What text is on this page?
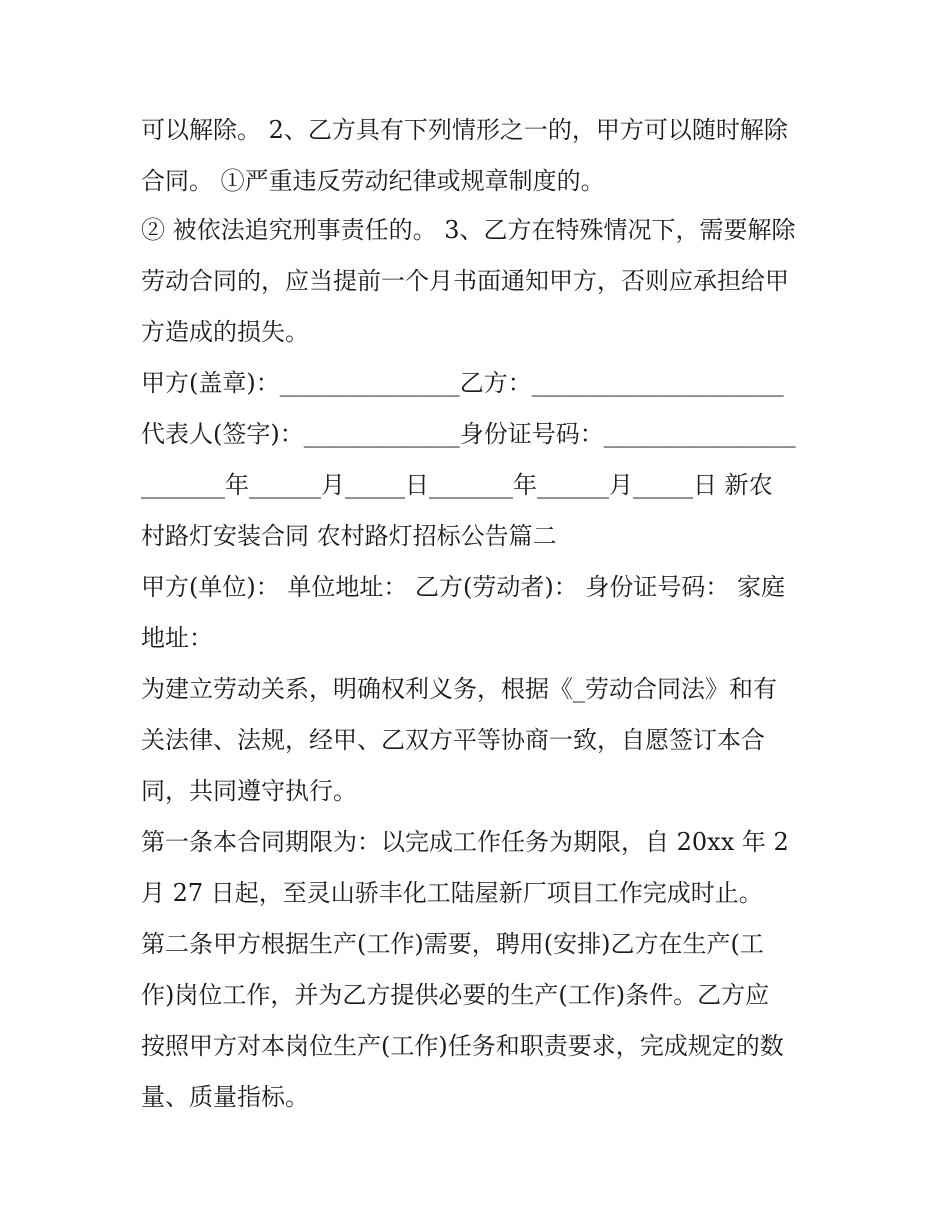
可以解除。 2、乙方具有下列情形之一的，甲方可以随时解除

合同。 ①严重违反劳动纪律或规章制度的。

② 被依法追究刑事责任的。 3、乙方在特殊情况下，需要解除

劳动合同的，应当提前一个月书面通知甲方，否则应承担给甲

方造成的损失。

甲方(盖章)：_______________乙方：_____________________

代表人(签字)：_____________身份证号码：________________

_______年______月_____日_______年______月_____日 新农

村路灯安装合同 农村路灯招标公告篇二

甲方(单位)： 单位地址： 乙方(劳动者)： 身份证号码： 家庭

地址：

为建立劳动关系，明确权利义务，根据《_劳动合同法》和有

关法律、法规，经甲、乙双方平等协商一致，自愿签订本合

同，共同遵守执行。

第一条本合同期限为：以完成工作任务为期限，自 20xx 年 2

月 27 日起，至灵山骄丰化工陆屋新厂项目工作完成时止。

第二条甲方根据生产(工作)需要，聘用(安排)乙方在生产(工

作)岗位工作，并为乙方提供必要的生产(工作)条件。乙方应

按照甲方对本岗位生产(工作)任务和职责要求，完成规定的数

量、质量指标。
